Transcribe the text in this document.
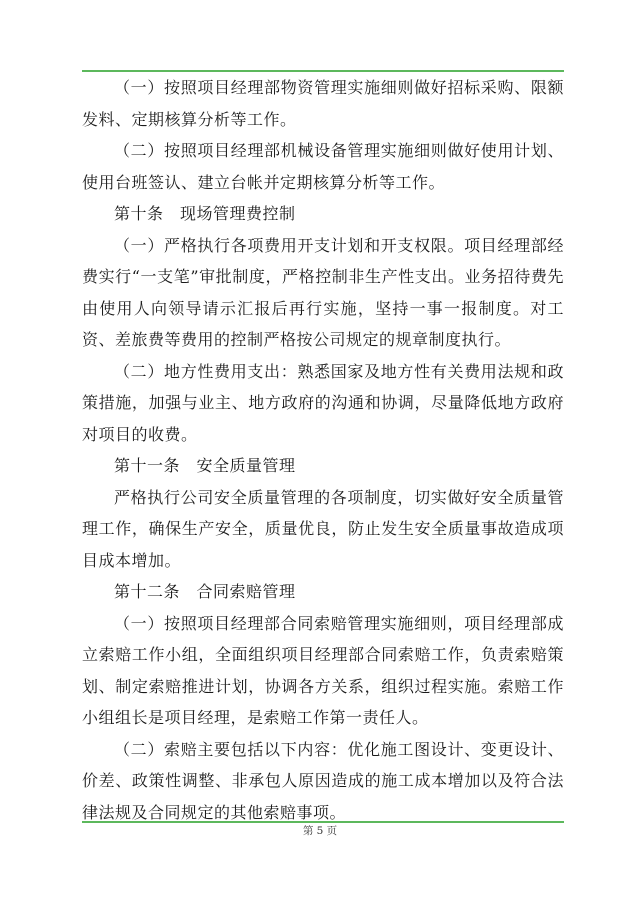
（一）按照项目经理部物资管理实施细则做好招标采购、限额发料、定期核算分析等工作。

（二）按照项目经理部机械设备管理实施细则做好使用计划、使用台班签认、建立台帐并定期核算分析等工作。

第十条　现场管理费控制

（一）严格执行各项费用开支计划和开支权限。项目经理部经费实行“一支笔”审批制度，严格控制非生产性支出。业务招待费先由使用人向领导请示汇报后再行实施，坚持一事一报制度。对工资、差旅费等费用的控制严格按公司规定的规章制度执行。

（二）地方性费用支出：熟悉国家及地方性有关费用法规和政策措施，加强与业主、地方政府的沟通和协调，尽量降低地方政府对项目的收费。

第十一条　安全质量管理

严格执行公司安全质量管理的各项制度，切实做好安全质量管理工作，确保生产安全，质量优良，防止发生安全质量事故造成项目成本增加。

第十二条　合同索赔管理

（一）按照项目经理部合同索赔管理实施细则，项目经理部成立索赔工作小组，全面组织项目经理部合同索赔工作，负责索赔策划、制定索赔推进计划，协调各方关系，组织过程实施。索赔工作小组组长是项目经理，是索赔工作第一责任人。

（二）索赔主要包括以下内容：优化施工图设计、变更设计、价差、政策性调整、非承包人原因造成的施工成本增加以及符合法律法规及合同规定的其他索赔事项。

第 5 页
